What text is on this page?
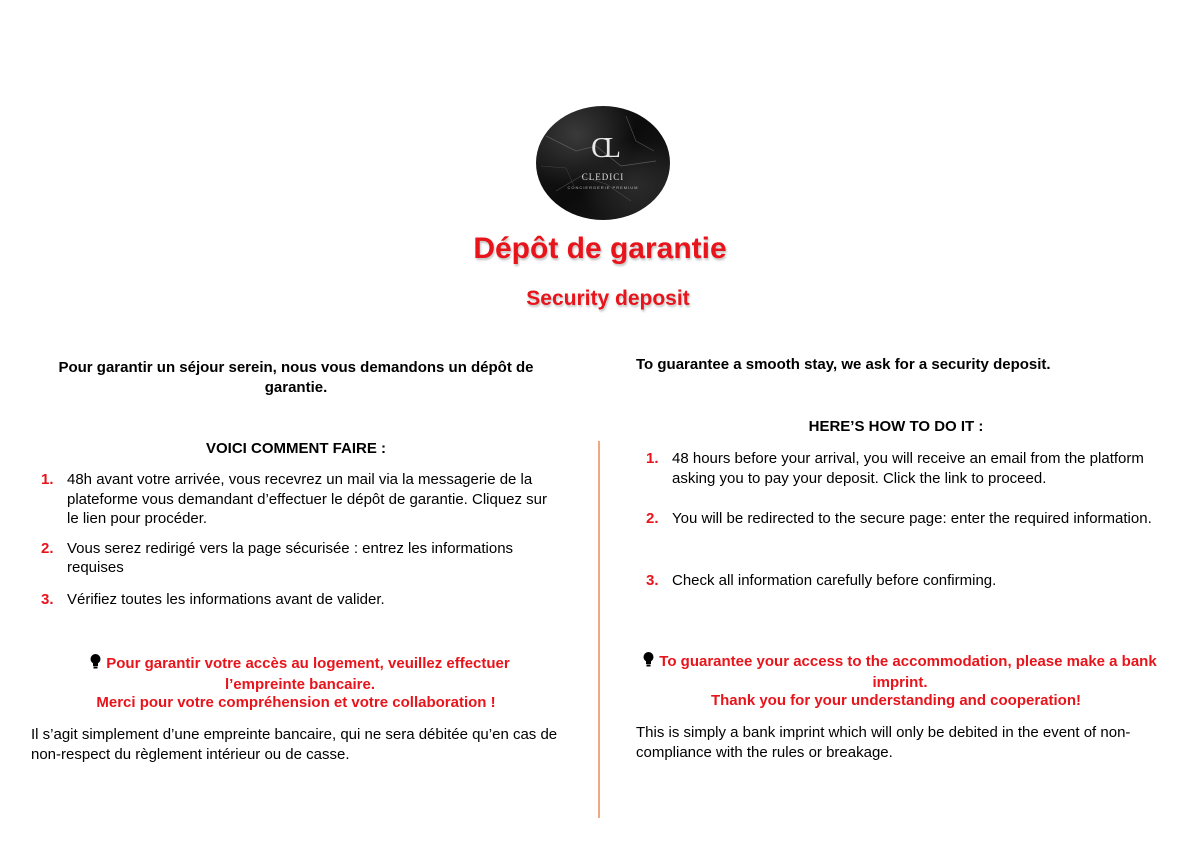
CL
CLEDICI
CONCIERGERIE PREMIUM
Dépôt de garantie
Security deposit
Pour garantir un séjour serein, nous vous demandons un dépôt de garantie.
VOICI COMMENT FAIRE :
1. 48h avant votre arrivée, vous recevrez un mail via la messagerie de la plateforme vous demandant d’effectuer le dépôt de garantie. Cliquez sur le lien pour procéder.
2. Vous serez redirigé vers la page sécurisée : entrez les informations requises
3. Vérifiez toutes les informations avant de valider.
Pour garantir votre accès au logement, veuillez effectuer l’empreinte bancaire.
Merci pour votre compréhension et votre collaboration !
Il s’agit simplement d’une empreinte bancaire, qui ne sera débitée qu’en cas de non-respect du règlement intérieur ou de casse.
To guarantee a smooth stay, we ask for a security deposit.
HERE’S HOW TO DO IT :
1. 48 hours before your arrival, you will receive an email from the platform asking you to pay your deposit. Click the link to proceed.
2. You will be redirected to the secure page: enter the required information.
3. Check all information carefully before confirming.
To guarantee your access to the accommodation, please make a bank imprint.
Thank you for your understanding and cooperation!
This is simply a bank imprint which will only be debited in the event of non-compliance with the rules or breakage.
